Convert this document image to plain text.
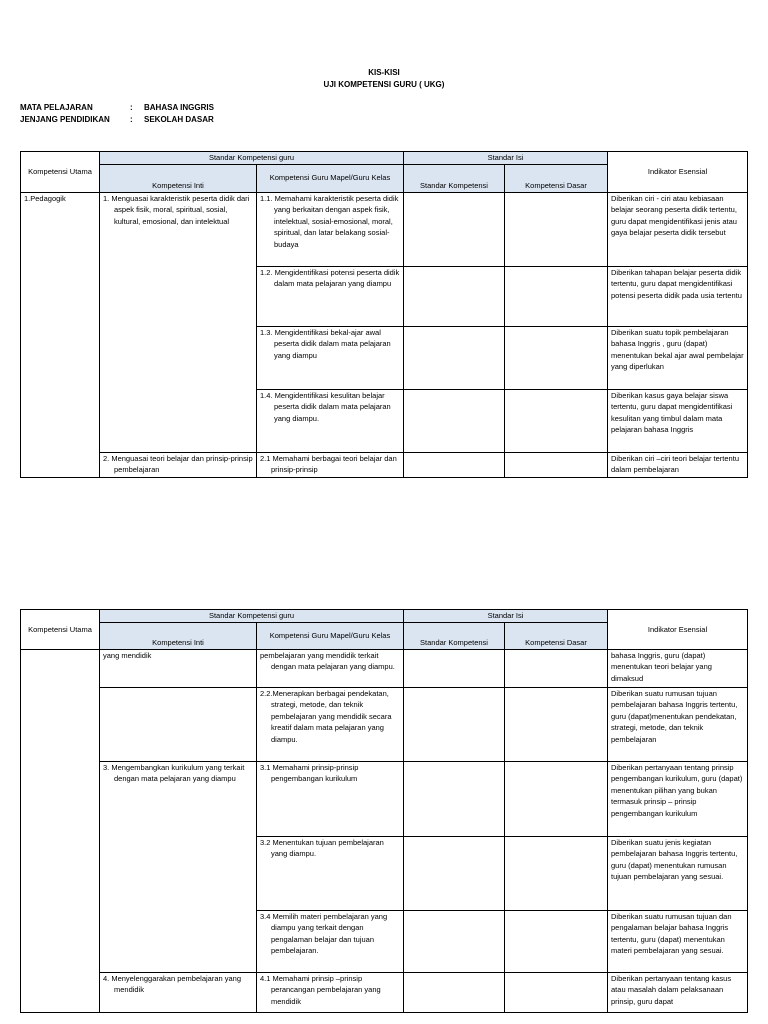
KIS-KISI
UJI KOMPETENSI GURU ( UKG)
MATA PELAJARAN	:	BAHASA INGGRIS
JENJANG PENDIDIKAN	:	SEKOLAH DASAR
Kompetensi Utama	Standar Kompetensi guru		Standar Isi		Indikator Esensial
	Kompetensi Inti	Kompetensi Guru Mapel/Guru Kelas	Standar Kompetensi	Kompetensi Dasar	
1.Pedagogik	1. Menguasai karakteristik peserta didik dari aspek fisik, moral, spiritual, sosial, kultural, emosional, dan intelektual	1.1. Memahami karakteristik peserta didik yang berkaitan dengan aspek fisik, intelektual, sosial-emosional, moral, spiritual, dan latar belakang sosial-budaya			Diberikan ciri - ciri atau kebiasaan belajar seorang peserta didik tertentu, guru dapat mengidentifikasi jenis atau gaya belajar peserta didik tersebut
		1.2. Mengidentifikasi potensi peserta didik dalam mata pelajaran yang diampu			Diberikan tahapan belajar peserta didik tertentu, guru dapat mengidentifikasi potensi peserta didik pada usia tertentu
		1.3. Mengidentifikasi bekal-ajar awal peserta didik dalam mata pelajaran yang diampu			Diberikan suatu topik pembelajaran bahasa Inggris , guru (dapat) menentukan bekal ajar awal pembelajar yang diperlukan
		1.4. Mengidentifikasi kesulitan belajar peserta didik dalam mata pelajaran yang diampu.			Diberikan kasus gaya belajar siswa tertentu, guru dapat mengidentifikasi kesulitan yang timbul dalam mata pelajaran bahasa Inggris
	2. Menguasai teori belajar dan prinsip-prinsip pembelajaran	2.1 Memahami berbagai teori belajar dan prinsip-prinsip			Diberikan ciri –ciri teori belajar tertentu dalam pembelajaran
Kompetensi Utama	Standar Kompetensi guru		Standar Isi		Indikator Esensial
	Kompetensi Inti	Kompetensi Guru Mapel/Guru Kelas	Standar Kompetensi	Kompetensi Dasar	
	yang mendidik	pembelajaran yang mendidik terkait dengan mata pelajaran yang diampu.			bahasa Inggris, guru (dapat) menentukan teori belajar yang dimaksud
		2.2.Menerapkan berbagai pendekatan, strategi, metode, dan teknik pembelajaran yang mendidik secara kreatif dalam mata pelajaran yang diampu.			Diberikan suatu rumusan tujuan pembelajaran bahasa Inggris tertentu, guru (dapat)menentukan pendekatan, strategi, metode, dan teknik pembelajaran
	3. Mengembangkan kurikulum yang terkait dengan mata pelajaran yang diampu	3.1 Memahami prinsip-prinsip pengembangan kurikulum			Diberikan pertanyaan tentang prinsip pengembangan kurikulum, guru (dapat) menentukan pilihan yang bukan termasuk prinsip – prinsip pengembangan kurikulum
		3.2 Menentukan tujuan pembelajaran yang diampu.			Diberikan suatu jenis kegiatan pembelajaran bahasa Inggris tertentu, guru (dapat) menentukan rumusan tujuan pembelajaran yang sesuai.
		3.4 Memilih materi pembelajaran yang diampu yang terkait dengan pengalaman belajar dan tujuan pembelajaran.			Diberikan suatu rumusan tujuan dan pengalaman belajar bahasa Inggris tertentu, guru (dapat) menentukan materi pembelajaran yang sesuai.
	4. Menyelenggarakan pembelajaran yang mendidik	4.1 Memahami prinsip –prinsip perancangan pembelajaran yang mendidik			Diberikan pertanyaan tentang kasus atau masalah dalam pelaksanaan prinsip, guru dapat
